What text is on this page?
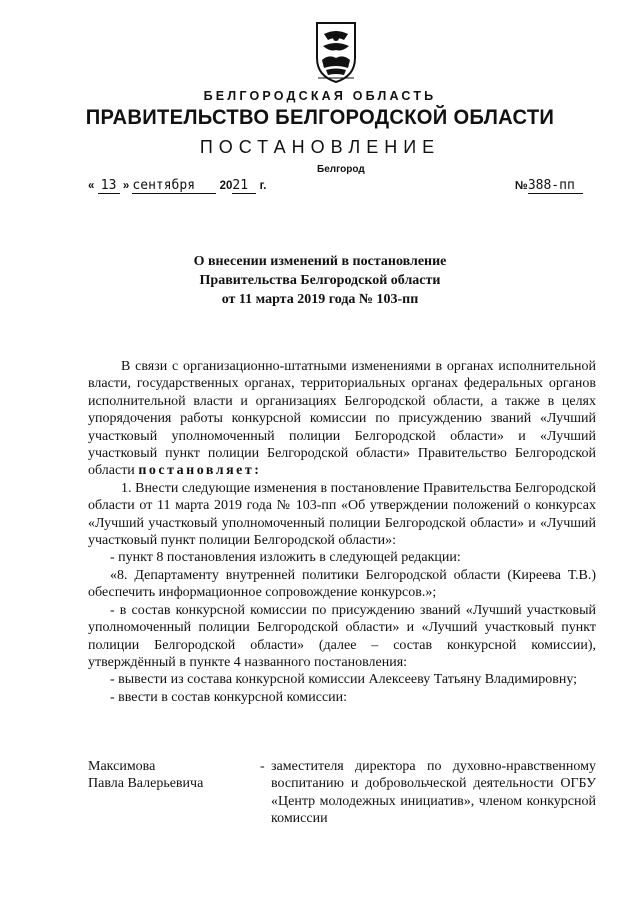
БЕЛГОРОДСКАЯ ОБЛАСТЬ
ПРАВИТЕЛЬСТВО БЕЛГОРОДСКОЙ ОБЛАСТИ
ПОСТАНОВЛЕНИЕ
Белгород
« 13 » сентября 2021 г.	№388-пп
О внесении изменений в постановление
Правительства Белгородской области
от 11 марта 2019 года № 103-пп

В связи с организационно-штатными изменениями в органах исполнительной власти, государственных органах, территориальных органах федеральных органов исполнительной власти и организациях Белгородской области, а также в целях упорядочения работы конкурсной комиссии по присуждению званий «Лучший участковый уполномоченный полиции Белгородской области» и «Лучший участковый пункт полиции Белгородской области» Правительство Белгородской области постановляет:

1. Внести следующие изменения в постановление Правительства Белгородской области от 11 марта 2019 года № 103-пп «Об утверждении положений о конкурсах «Лучший участковый уполномоченный полиции Белгородской области» и «Лучший участковый пункт полиции Белгородской области»:

- пункт 8 постановления изложить в следующей редакции:

«8. Департаменту внутренней политики Белгородской области (Киреева Т.В.) обеспечить информационное сопровождение конкурсов.»;

- в состав конкурсной комиссии по присуждению званий «Лучший участковый уполномоченный полиции Белгородской области» и «Лучший участковый пункт полиции Белгородской области» (далее – состав конкурсной комиссии), утверждённый в пункте 4 названного постановления:

- вывести из состава конкурсной комиссии Алексееву Татьяну Владимировну;

- ввести в состав конкурсной комиссии:

Максимова
Павла Валерьевича
- заместителя директора по духовно-нравственному воспитанию и добровольческой деятельности ОГБУ «Центр молодежных инициатив», членом конкурсной комиссии
